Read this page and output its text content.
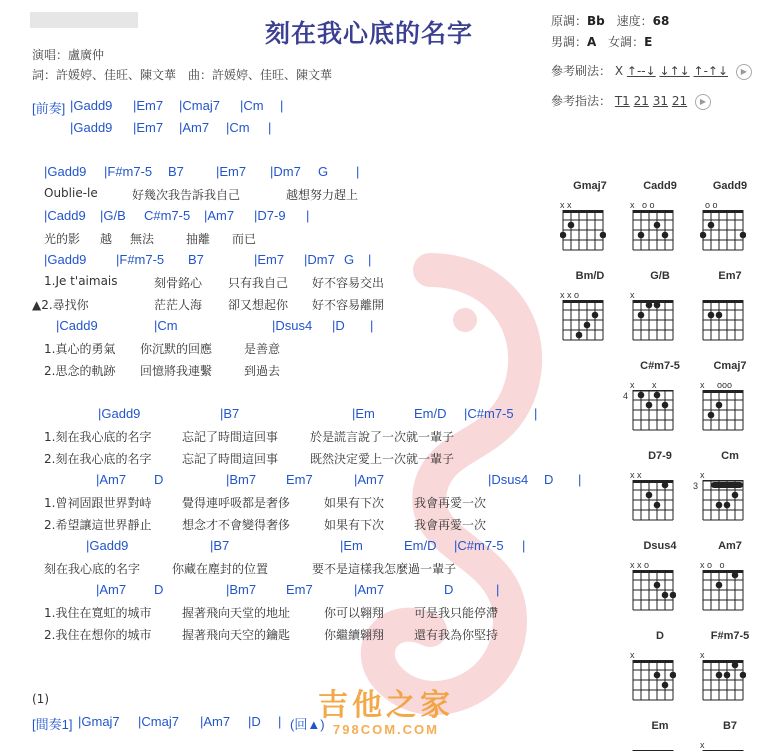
刻在我心底的名字
演唱：盧廣仲
詞：許媛婷、佳旺、陳文華　曲：許媛婷、佳旺、陳文華
原調：Bb 速度：68
男調：A 女調：E
參考刷法： X ↑--↓ ↓↑↓ ↑-↑↓ ▶
參考指法： T1 21 31 21 ▶
[前奏] |Gadd9 |Em7 |Cmaj7 |Cm |
|Gadd9 |Em7 |Am7 |Cm |
|Gadd9 |F#m7-5 B7 |Em7 |Dm7 G |
Oublie-le	好幾次我告訴我自己	越想努力趕上
|Cadd9 |G/B C#m7-5 |Am7 |D7-9 |
光的影 越 無法	抽離 而已
|Gadd9 |F#m7-5 B7	|Em7 |Dm7 G |
1.Je t'aimais	刻骨銘心 只有我自己 好不容易交出
▲2.尋找你	茫茫人海 卻又想起你 好不容易離開
|Cadd9	|Cm	|Dsus4 |D |
1.真心的勇氣 你沉默的回應	是善意
2.思念的軌跡 回憶將我連繫	到過去
|Gadd9	|B7	|Em	Em/D |C#m7-5 |
1.刻在我心底的名字	忘記了時間這回事	於是謊言說了一次就一輩子
2.刻在我心底的名字	忘記了時間這回事	既然決定愛上一次就一輩子
|Am7 D	|Bm7 Em7	|Am7	|Dsus4 D |
1.曾祠固跟世界對峙	覺得連呼吸都是奢侈	如果有下次 我會再愛一次
2.希望讓這世界靜止	想念才不會變得奢侈	如果有下次 我會再愛一次
|Gadd9	|B7	|Em	Em/D |C#m7-5 |
刻在我心底的名字	你藏在塵封的位置	要不是這樣我怎麼過一輩子
|Am7 D	|Bm7 Em7	|Am7	D	|
1.我住在寬虹的城市	握著飛向天堂的地址	你可以翱翔 可是我只能停滯
2.我住在想你的城市	握著飛向天空的鑰匙	你繼續翱翔 還有我為你堅持
(1)
[間奏1] |Gmaj7 |Cmaj7 |Am7 |D | (回▲)
Gmaj7
x x
Cadd9
x   o o
Gadd9
o o
Bm/D
x x o
G/B
x
Em7
C#m7-5
x       x
4
Cmaj7
x     ooo
D7-9
x x
Cm
x
3
Dsus4
x x o
Am7
x o   o
D
x
F#m7-5
x
Em	B7
x
吉他之家
798COM.COM
